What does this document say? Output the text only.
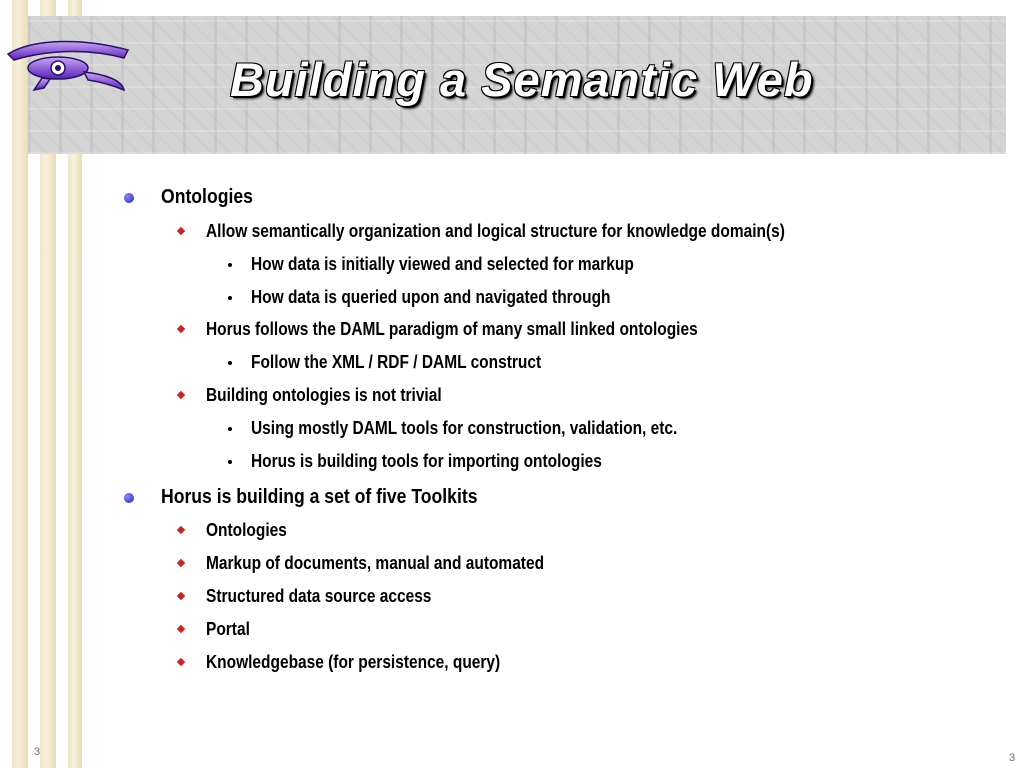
Building a Semantic Web
Ontologies
Allow semantically organization and logical structure for knowledge domain(s)
How data is initially viewed and selected for markup
How data is queried upon and navigated through
Horus follows the DAML paradigm of many small linked ontologies
Follow the XML / RDF / DAML construct
Building ontologies is not trivial
Using mostly DAML tools for construction, validation, etc.
Horus is building tools for importing ontologies
Horus is building a set of five Toolkits
Ontologies
Markup of documents, manual and automated
Structured data source access
Portal
Knowledgebase (for persistence, query)
3	3
